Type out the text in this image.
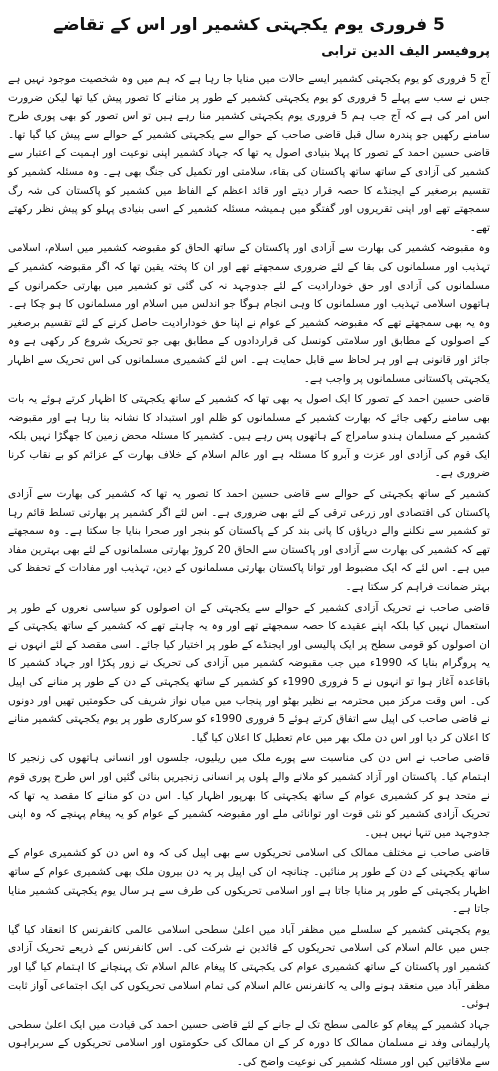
5 فروری یوم یکجہتی کشمیر اور اس کے تقاضے
پروفیسر الیف الدین ترابی

آج 5 فروری کو یوم یکجہتی کشمیر ایسے حالات میں منایا جا رہا ہے کہ ہم میں وہ شخصیت موجود نہیں ہے جس نے سب سے پہلے 5 فروری کو یوم یکجہتی کشمیر کے طور پر منانے کا تصور پیش کیا تھا لیکن ضرورت اس امر کی ہے کہ آج جب ہم 5 فروری یوم یکجہتی کشمیر منا رہے ہیں تو اس تصور کو بھی پوری طرح سامنے رکھیں جو پندرہ سال قبل قاضی صاحب کے حوالے سے یکجہتی کشمیر کے حوالے سے پیش کیا گیا تھا۔ قاضی حسین احمد کے تصور کا پہلا بنیادی اصول یہ تھا کہ جہاد کشمیر اپنی نوعیت اور اہمیت کے اعتبار سے کشمیر کی آزادی کے ساتھ ساتھ پاکستان کی بقاء، سلامتی اور تکمیل کی جنگ بھی ہے۔ وہ مسئلہ کشمیر کو تقسیم برصغیر کے ایجنڈے کا حصہ قرار دیتے اور قائد اعظم کے الفاظ میں کشمیر کو پاکستان کی شہ رگ سمجھتے تھے اور اپنی تقریروں اور گفتگو میں ہمیشہ مسئلہ کشمیر کے اسی بنیادی پہلو کو پیش نظر رکھتے تھے۔

وہ مقبوضہ کشمیر کی بھارت سے آزادی اور پاکستان کے ساتھ الحاق کو مقبوضہ کشمیر میں اسلام، اسلامی تہذیب اور مسلمانوں کی بقا کے لئے ضروری سمجھتے تھے اور ان کا پختہ یقین تھا کہ اگر مقبوضہ کشمیر کے مسلمانوں کی آزادی اور حق خودارادیت کے لئے جدوجہد نہ کی گئی تو کشمیر میں بھارتی حکمرانوں کے ہاتھوں اسلامی تہذیب اور مسلمانوں کا وہی انجام ہوگا جو اندلس میں اسلام اور مسلمانوں کا ہو چکا ہے۔ وہ یہ بھی سمجھتے تھے کہ مقبوضہ کشمیر کے عوام نے اپنا حق خودارادیت حاصل کرنے کے لئے تقسیم برصغیر کے اصولوں کے مطابق اور سلامتی کونسل کی قراردادوں کے مطابق بھی جو تحریک شروع کر رکھی ہے وہ جائز اور قانونی ہے اور ہر لحاظ سے قابل حمایت ہے۔ اس لئے کشمیری مسلمانوں کی اس تحریک سے اظہار یکجہتی پاکستانی مسلمانوں پر واجب ہے۔

قاضی حسین احمد کے تصور کا ایک اصول یہ بھی تھا کہ کشمیر کے ساتھ یکجہتی کا اظہار کرتے ہوئے یہ بات بھی سامنے رکھی جائے کہ بھارت کشمیر کے مسلمانوں کو ظلم اور استبداد کا نشانہ بنا رہا ہے اور مقبوضہ کشمیر کے مسلمان ہندو سامراج کے ہاتھوں پس رہے ہیں۔ کشمیر کا مسئلہ محض زمین کا جھگڑا نہیں بلکہ ایک قوم کی آزادی اور عزت و آبرو کا مسئلہ ہے اور عالم اسلام کے خلاف بھارت کے عزائم کو بے نقاب کرنا ضروری ہے۔

کشمیر کے ساتھ یکجہتی کے حوالے سے قاضی حسین احمد کا تصور یہ تھا کہ کشمیر کی بھارت سے آزادی پاکستان کی اقتصادی اور زرعی ترقی کے لئے بھی ضروری ہے۔ اس لئے اگر کشمیر پر بھارتی تسلط قائم رہا تو کشمیر سے نکلنے والے دریاؤں کا پانی بند کر کے پاکستان کو بنجر اور صحرا بنایا جا سکتا ہے۔ وہ سمجھتے تھے کہ کشمیر کی بھارت سے آزادی اور پاکستان سے الحاق 20 کروڑ بھارتی مسلمانوں کے لئے بھی بہترین مفاد میں ہے۔ اس لئے کہ ایک مضبوط اور توانا پاکستان بھارتی مسلمانوں کے دین، تہذیب اور مفادات کے تحفظ کی بہتر ضمانت فراہم کر سکتا ہے۔

قاضی صاحب نے تحریک آزادی کشمیر کے حوالے سے یکجہتی کے ان اصولوں کو سیاسی نعروں کے طور پر استعمال نہیں کیا بلکہ اپنے عقیدے کا حصہ سمجھتے تھے اور وہ یہ چاہتے تھے کہ کشمیر کے ساتھ یکجہتی کے ان اصولوں کو قومی سطح پر ایک پالیسی اور ایجنڈے کے طور پر اختیار کیا جائے۔ اسی مقصد کے لئے انہوں نے یہ پروگرام بنایا کہ 1990ء میں جب مقبوضہ کشمیر میں آزادی کی تحریک نے زور پکڑا اور جہاد کشمیر کا باقاعدہ آغاز ہوا تو انہوں نے 5 فروری 1990ء کو کشمیر کے ساتھ یکجہتی کے دن کے طور پر منانے کی اپیل کی۔ اس وقت مرکز میں محترمہ بے نظیر بھٹو اور پنجاب میں میاں نواز شریف کی حکومتیں تھیں اور دونوں نے قاضی صاحب کی اپیل سے اتفاق کرتے ہوئے 5 فروری 1990ء کو سرکاری طور پر یوم یکجہتی کشمیر منانے کا اعلان کر دیا اور اس دن ملک بھر میں عام تعطیل کا اعلان کیا گیا۔

قاضی صاحب نے اس دن کی مناسبت سے پورے ملک میں ریلیوں، جلسوں اور انسانی ہاتھوں کی زنجیر کا اہتمام کیا۔ پاکستان اور آزاد کشمیر کو ملانے والے پلوں پر انسانی زنجیریں بنائی گئیں اور اس طرح پوری قوم نے متحد ہو کر کشمیری عوام کے ساتھ یکجہتی کا بھرپور اظہار کیا۔ اس دن کو منانے کا مقصد یہ تھا کہ تحریک آزادی کشمیر کو نئی قوت اور توانائی ملے اور مقبوضہ کشمیر کے عوام کو یہ پیغام پہنچے کہ وہ اپنی جدوجہد میں تنہا نہیں ہیں۔

قاضی صاحب نے مختلف ممالک کی اسلامی تحریکوں سے بھی اپیل کی کہ وہ اس دن کو کشمیری عوام کے ساتھ یکجہتی کے دن کے طور پر منائیں۔ چنانچہ ان کی اپیل پر یہ دن بیرون ملک بھی کشمیری عوام کے ساتھ اظہار یکجہتی کے طور پر منایا جاتا ہے اور اسلامی تحریکوں کی طرف سے ہر سال یوم یکجہتی کشمیر منایا جاتا ہے۔

یوم یکجہتی کشمیر کے سلسلے میں مظفر آباد میں اعلیٰ سطحی اسلامی عالمی کانفرنس کا انعقاد کیا گیا جس میں عالم اسلام کی اسلامی تحریکوں کے قائدین نے شرکت کی۔ اس کانفرنس کے ذریعے تحریک آزادی کشمیر اور پاکستان کے ساتھ کشمیری عوام کی یکجہتی کا پیغام عالم اسلام تک پہنچانے کا اہتمام کیا گیا اور مظفر آباد میں منعقد ہونے والی یہ کانفرنس عالم اسلام کی تمام اسلامی تحریکوں کی ایک اجتماعی آواز ثابت ہوئی۔

جہاد کشمیر کے پیغام کو عالمی سطح تک لے جانے کے لئے قاضی حسین احمد کی قیادت میں ایک اعلیٰ سطحی پارلیمانی وفد نے مسلمان ممالک کا دورہ کر کے ان ممالک کی حکومتوں اور اسلامی تحریکوں کے سربراہوں سے ملاقاتیں کیں اور مسئلہ کشمیر کی نوعیت واضح کی۔
